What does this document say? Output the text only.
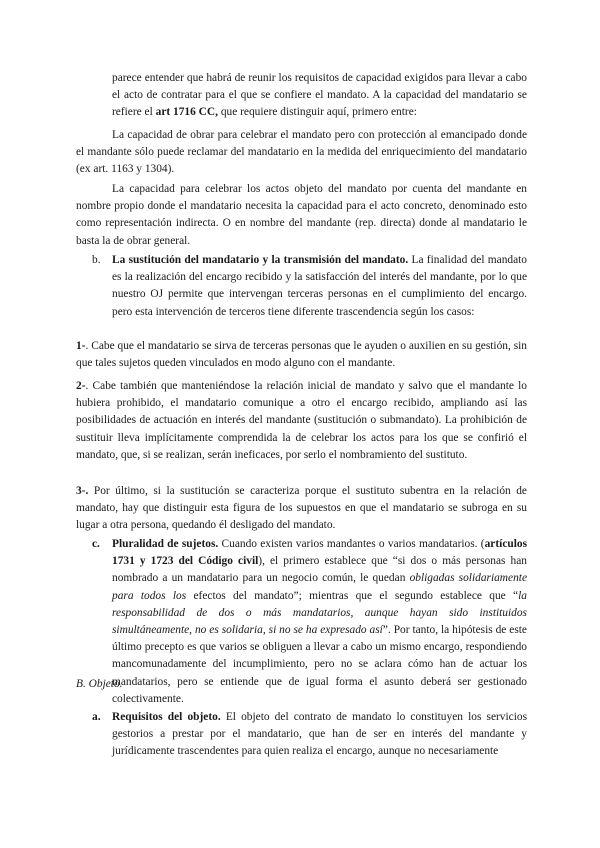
parece entender que habrá de reunir los requisitos de capacidad exigidos para llevar a cabo el acto de contratar para el que se confiere el mandato. A la capacidad del mandatario se refiere el art 1716 CC, que requiere distinguir aquí, primero entre:

La capacidad de obrar para celebrar el mandato pero con protección al emancipado donde el mandante sólo puede reclamar del mandatario en la medida del enriquecimiento del mandatario (ex art. 1163 y 1304).

La capacidad para celebrar los actos objeto del mandato por cuenta del mandante en nombre propio donde el mandatario necesita la capacidad para el acto concreto, denominado esto como representación indirecta. O en nombre del mandante (rep. directa) donde al mandatario le basta la de obrar general.

b. La sustitución del mandatario y la transmisión del mandato. La finalidad del mandato es la realización del encargo recibido y la satisfacción del interés del mandante, por lo que nuestro OJ permite que intervengan terceras personas en el cumplimiento del encargo. pero esta intervención de terceros tiene diferente trascendencia según los casos:

1-. Cabe que el mandatario se sirva de terceras personas que le ayuden o auxilien en su gestión, sin que tales sujetos queden vinculados en modo alguno con el mandante.

2-. Cabe también que manteniéndose la relación inicial de mandato y salvo que el mandante lo hubiera prohibido, el mandatario comunique a otro el encargo recibido, ampliando así las posibilidades de actuación en interés del mandante (sustitución o submandato). La prohibición de sustituir lleva implícitamente comprendida la de celebrar los actos para los que se confirió el mandato, que, si se realizan, serán ineficaces, por serlo el nombramiento del sustituto.

3-. Por último, si la sustitución se caracteriza porque el sustituto subentra en la relación de mandato, hay que distinguir esta figura de los supuestos en que el mandatario se subroga en su lugar a otra persona, quedando él desligado del mandato.

c. Pluralidad de sujetos. Cuando existen varios mandantes o varios mandatarios. (artículos 1731 y 1723 del Código civil), el primero establece que “si dos o más personas han nombrado a un mandatario para un negocio común, le quedan obligadas solidariamente para todos los efectos del mandato”; mientras que el segundo establece que “la responsabilidad de dos o más mandatarios, aunque hayan sido instituidos simultáneamente, no es solidaria, si no se ha expresado así”. Por tanto, la hipótesis de este último precepto es que varios se obliguen a llevar a cabo un mismo encargo, respondiendo mancomunadamente del incumplimiento, pero no se aclara cómo han de actuar los mandatarios, pero se entiende que de igual forma el asunto deberá ser gestionado colectivamente.

B. Objeto.

a. Requisitos del objeto. El objeto del contrato de mandato lo constituyen los servicios gestorios a prestar por el mandatario, que han de ser en interés del mandante y jurídicamente trascendentes para quien realiza el encargo, aunque no necesariamente
